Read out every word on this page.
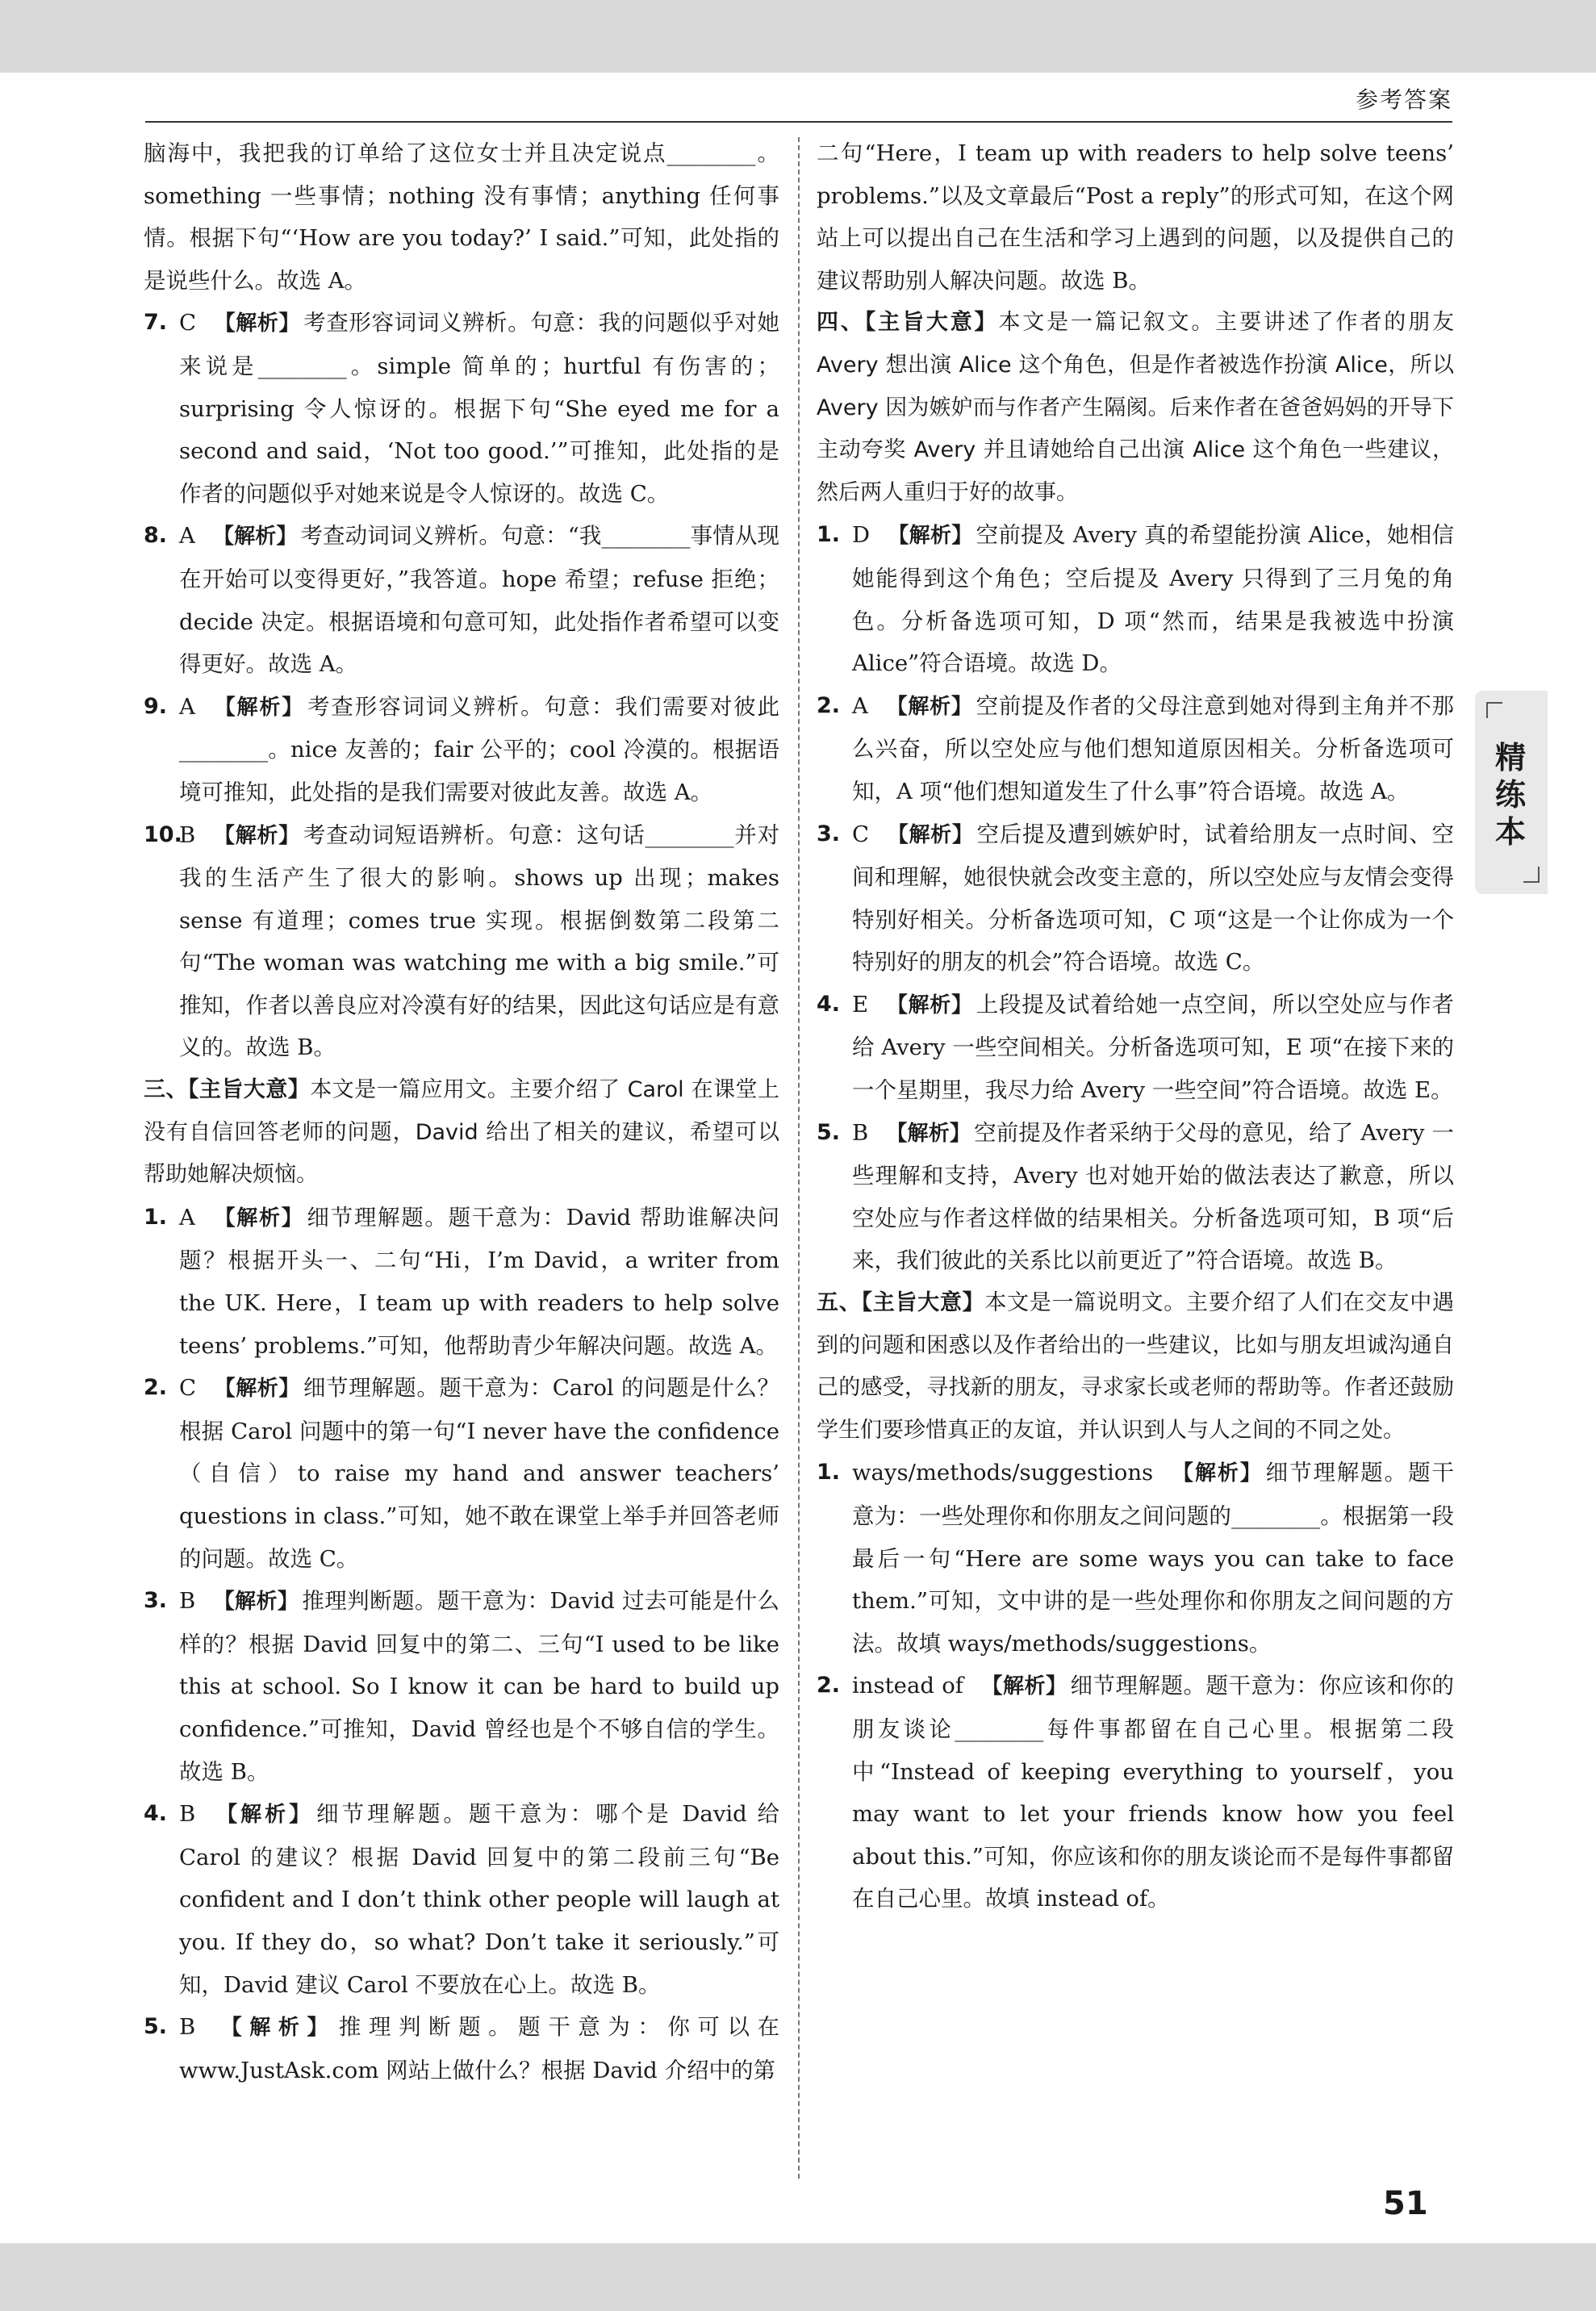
参考答案
脑海中，我把我的订单给了这位女士并且决定说点________。something 一些事情；nothing 没有事情；anything 任何事情。根据下句“‘How are you today?’ I said.”可知，此处指的是说些什么。故选 A。
7. C 【解析】 考查形容词词义辨析。句意：我的问题似乎对她来说是________。simple 简单的；hurtful 有伤害的；surprising 令人惊讶的。根据下句“She eyed me for a second and said，‘Not too good.’”可推知，此处指的是作者的问题似乎对她来说是令人惊讶的。故选 C。
8. A 【解析】 考查动词词义辨析。句意：“我________事情从现在开始可以变得更好，”我答道。hope 希望；refuse 拒绝；decide 决定。根据语境和句意可知，此处指作者希望可以变得更好。故选 A。
9. A 【解析】 考查形容词词义辨析。句意：我们需要对彼此________。nice 友善的；fair 公平的；cool 冷漠的。根据语境可推知，此处指的是我们需要对彼此友善。故选 A。
10.
B 【解析】 考查动词短语辨析。句意：这句话________并对我的生活产生了很大的影响。shows up 出现；makes sense 有道理；comes true 实现。根据倒数第二段第二句“The woman was watching me with a big smile.”可推知，作者以善良应对冷漠有好的结果，因此这句话应是有意义的。故选 B。
三、【主旨大意】本文是一篇应用文。主要介绍了 Carol 在课堂上没有自信回答老师的问题，David 给出了相关的建议，希望可以帮助她解决烦恼。
1. A 【解析】 细节理解题。题干意为：David 帮助谁解决问题？根据开头一、二句“Hi，I’m David，a writer from the UK. Here，I team up with readers to help solve teens’ problems.”可知，他帮助青少年解决问题。故选 A。
2. C 【解析】 细节理解题。题干意为：Carol 的问题是什么？根据 Carol 问题中的第一句“I never have the confidence（自信）to raise my hand and answer teachers’ questions in class.”可知，她不敢在课堂上举手并回答老师的问题。故选 C。
3. B 【解析】 推理判断题。题干意为：David 过去可能是什么样的？根据 David 回复中的第二、三句“I used to be like this at school. So I know it can be hard to build up confidence.”可推知，David 曾经也是个不够自信的学生。故选 B。
4. B 【解析】 细节理解题。题干意为：哪个是 David 给 Carol 的建议？根据 David 回复中的第二段前三句“Be confident and I don’t think other people will laugh at you. If they do，so what? Don’t take it seriously.”可知，David 建议 Carol 不要放在心上。故选 B。
5. B 【解析】 推理判断题。题干意为：你可以在 www.JustAsk.com 网站上做什么？根据 David 介绍中的第
二句“Here，I team up with readers to help solve teens’ problems.”以及文章最后“Post a reply”的形式可知，在这个网站上可以提出自己在生活和学习上遇到的问题，以及提供自己的建议帮助别人解决问题。故选 B。
四、【主旨大意】本文是一篇记叙文。主要讲述了作者的朋友 Avery 想出演 Alice 这个角色，但是作者被选作扮演 Alice，所以 Avery 因为嫉妒而与作者产生隔阂。后来作者在爸爸妈妈的开导下主动夸奖 Avery 并且请她给自己出演 Alice 这个角色一些建议，然后两人重归于好的故事。
1. D 【解析】 空前提及 Avery 真的希望能扮演 Alice，她相信她能得到这个角色；空后提及 Avery 只得到了三月兔的角色。分析备选项可知，D 项“然而，结果是我被选中扮演 Alice”符合语境。故选 D。
2. A 【解析】 空前提及作者的父母注意到她对得到主角并不那么兴奋，所以空处应与他们想知道原因相关。分析备选项可知，A 项“他们想知道发生了什么事”符合语境。故选 A。
3. C 【解析】 空后提及遭到嫉妒时，试着给朋友一点时间、空间和理解，她很快就会改变主意的，所以空处应与友情会变得特别好相关。分析备选项可知，C 项“这是一个让你成为一个特别好的朋友的机会”符合语境。故选 C。
4. E 【解析】 上段提及试着给她一点空间，所以空处应与作者给 Avery 一些空间相关。分析备选项可知，E 项“在接下来的一个星期里，我尽力给 Avery 一些空间”符合语境。故选 E。
5. B 【解析】 空前提及作者采纳于父母的意见，给了 Avery 一些理解和支持，Avery 也对她开始的做法表达了歉意，所以空处应与作者这样做的结果相关。分析备选项可知，B 项“后来，我们彼此的关系比以前更近了”符合语境。故选 B。
五、【主旨大意】本文是一篇说明文。主要介绍了人们在交友中遇到的问题和困惑以及作者给出的一些建议，比如与朋友坦诚沟通自己的感受，寻找新的朋友，寻求家长或老师的帮助等。作者还鼓励学生们要珍惜真正的友谊，并认识到人与人之间的不同之处。
1. ways/methods/suggestions 【解析】 细节理解题。题干意为：一些处理你和你朋友之间问题的________。根据第一段最后一句“Here are some ways you can take to face them.”可知，文中讲的是一些处理你和你朋友之间问题的方法。故填 ways/methods/suggestions。
2. instead of 【解析】 细节理解题。题干意为：你应该和你的朋友谈论________每件事都留在自己心里。根据第二段中“Instead of keeping everything to yourself，you may want to let your friends know how you feel about this.”可知，你应该和你的朋友谈论而不是每件事都留在自己心里。故填 instead of。
精练本
51
